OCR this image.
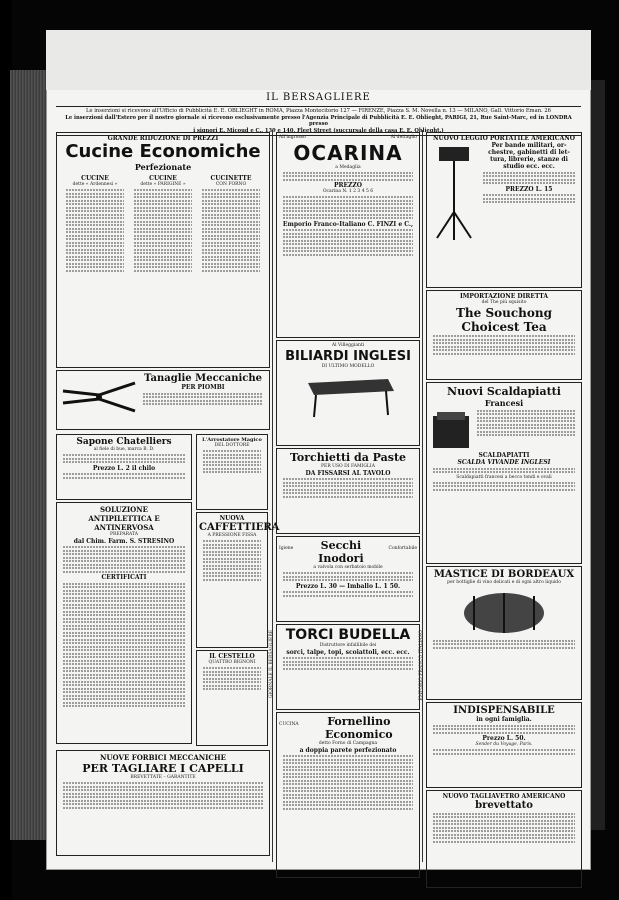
IL BERSAGLIERE
Le inserzioni si ricevono all'Ufficio di Pubblicità E. E. OBLIEGHT in ROMA, Piazza Montecitorio 127 — FIRENZE, Piazza S. M. Novella n. 13 — MILANO, Gall. Vittorio Eman. 26
Le inserzioni dall'Estero per il nostro giornale si ricevono esclusivamente presso l'Agenzia Principale di Pubblicità E. E. Oblieght, PARIGI, 21, Rue Saint-Marc, ed in LONDRA presso
i signori E. Micoud e C., 139 e 140, Fleet Street (succursale della casa E. E. Oblieght.)
GRANDE RIDUZIONE DI PREZZI
Cucine Economiche
Perfezionate
CUCINE
dette « Ardennesi »
CUCINE
dette « PARIGINE »
CUCINETTE
CON FORNO
Tanaglie Meccaniche
PER PIOMBI
Sapone Chatelliers
al fiele di bue, marca B. D.
Prezzo L. 2 il chilo
SOLUZIONE
ANTIPILETTICA E ANTINERVOSA
PREPARATA
dal Chim. Farm. S. STRESINO
CERTIFICATI
L'Arrostatore Magico
DEL DOTTORE
NUOVA
CAFFETTIERA
A PRESSIONE FISSA
IL CESTELLO
QUATTRO BIGNONI
NUOVE FORBICI MECCANICHE
PER TAGLIARE I CAPELLI
BREVETTATE – GARANTITE
All'ingrosso	Al dettaglio
OCARINA
a Medaglia
PREZZO
Ocarina N. 1 2 3 4 5 6
Emporio Franco-Italiano C. FINZI e C.,
Al Villeggianti
BILIARDI INGLESI
DI ULTIMO MODELLO
Torchietti da Paste
PER USO DI FAMIGLIA
DA FISSARSI AL TAVOLO
Igiene	Secchi Inodori
Confortabile
a valvola con serbatoio mobile
Prezzo L. 30 — Imballo L. 1 50.
TORCI BUDELLA
Distruttore infallibile dei
sorci, talpe, topi, scoiattoli, ecc. ecc.
CUCINA	Fornellino Economico
detto Forno di Campagna
a doppia parete perfezionato
NUOVO LEGGIO PORTATILE AMERICANO
Per bande militari, or-
chestre, gabinetti di let-
tura, librerie, stanze di
studio ecc. ecc.
PREZZO L. 15
IMPORTAZIONE DIRETTA
del The più squisito
The Souchong Choicest Tea
Nuovi Scaldapiatti
Francesi
SCALDAPIATTI
SCALDA VIVANDE INGLESI
Scaldapiatti francesi a becco tondi e ovali
MASTICE DI BORDEAUX
per bottiglie di vino delicati e di ogni altro liquido
INDISPENSABILE
in ogni famiglia.
Prezzo L. 50.
Sender du Voyage, Paris.
NUOVO TAGLIAVETRO AMERICANO
brevettato
GIORNALE IL BERSAGLIERE	EMPORIO FRANCO ITALIANO
